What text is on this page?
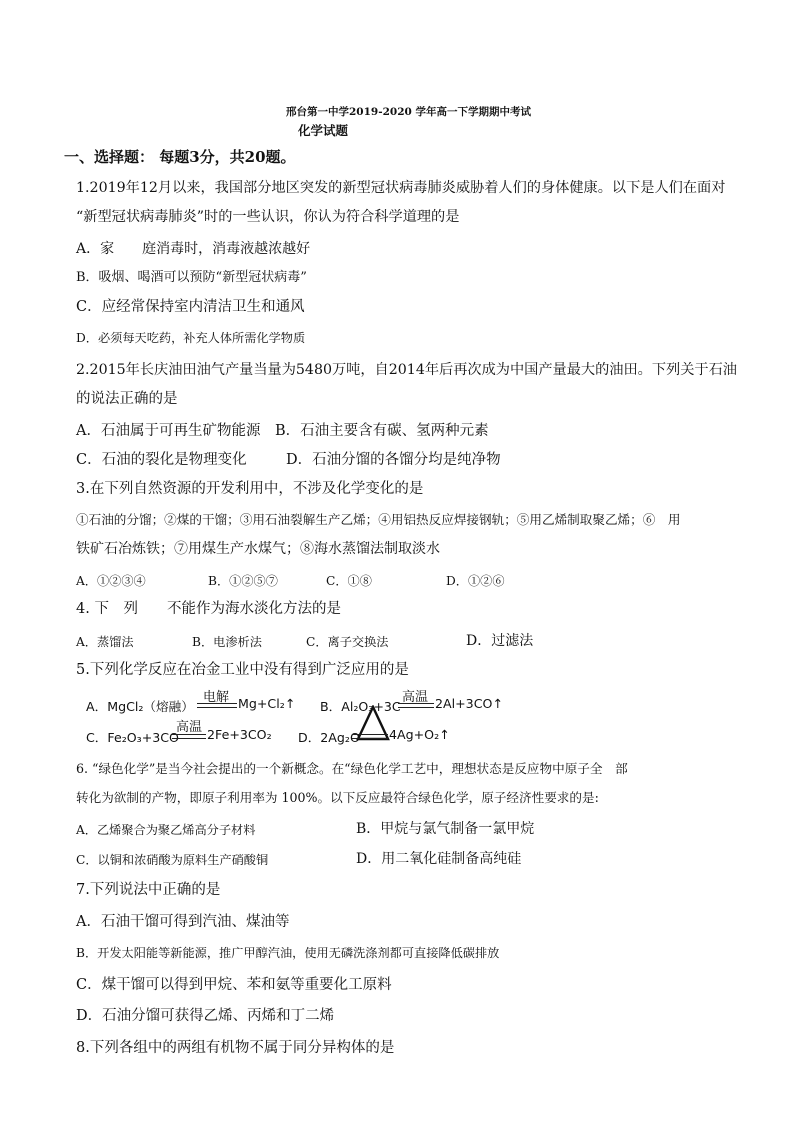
邢台第一中学2019-2020 学年高一下学期期中考试
化学试题
一、选择题： 每题3分，共20题。
1.2019年12月以来，我国部分地区突发的新型冠状病毒肺炎威胁着人们的身体健康。以下是人们在面对
“新型冠状病毒肺炎”时的一些认识，你认为符合科学道理的是
A．家　　庭消毒时，消毒液越浓越好
B．吸烟、喝酒可以预防“新型冠状病毒”
C．应经常保持室内清洁卫生和通风
D．必须每天吃药，补充人体所需化学物质
2.2015年长庆油田油气产量当量为5480万吨，自2014年后再次成为中国产量最大的油田。下列关于石油
的说法正确的是
A．石油属于可再生矿物能源　B．石油主要含有碳、氢两种元素
C．石油的裂化是物理变化	D．石油分馏的各馏分均是纯净物
3.在下列自然资源的开发利用中，不涉及化学变化的是
①石油的分馏；②煤的干馏；③用石油裂解生产乙烯；④用铝热反应焊接钢轨；⑤用乙烯制取聚乙烯；⑥　用
铁矿石冶炼铁；⑦用煤生产水煤气；⑧海水蒸馏法制取淡水
A．①②③④	B．①②⑤⑦	C．①⑧	D．①②⑥
4. 下　列　　不能作为海水淡化方法的是
A．蒸馏法	B．电渗析法	C．离子交换法	D．过滤法
5.下列化学反应在冶金工业中没有得到广泛应用的是
A．MgCl₂（熔融）
电解 Mg+Cl₂↑ B．Al₂O₃+3C
高温 2Al+3CO↑
C．Fe₂O₃+3CO
高温 2Fe+3CO₂ D．2Ag₂O 4Ag+O₂↑
6. “绿色化学”是当今社会提出的一个新概念。在“绿色化学工艺中，理想状态是反应物中原子全　部
转化为欲制的产物，即原子利用率为 100%。以下反应最符合绿色化学，原子经济性要求的是:
A．乙烯聚合为聚乙烯高分子材料	B．甲烷与氯气制备一氯甲烷
C．以铜和浓硝酸为原料生产硝酸铜	D．用二氧化硅制备高纯硅
7.下列说法中正确的是
A．石油干馏可得到汽油、煤油等
B．开发太阳能等新能源，推广甲醇汽油，使用无磷洗涤剂都可直接降低碳排放
C．煤干馏可以得到甲烷、苯和氨等重要化工原料
D．石油分馏可获得乙烯、丙烯和丁二烯
8.下列各组中的两组有机物不属于同分异构体的是
